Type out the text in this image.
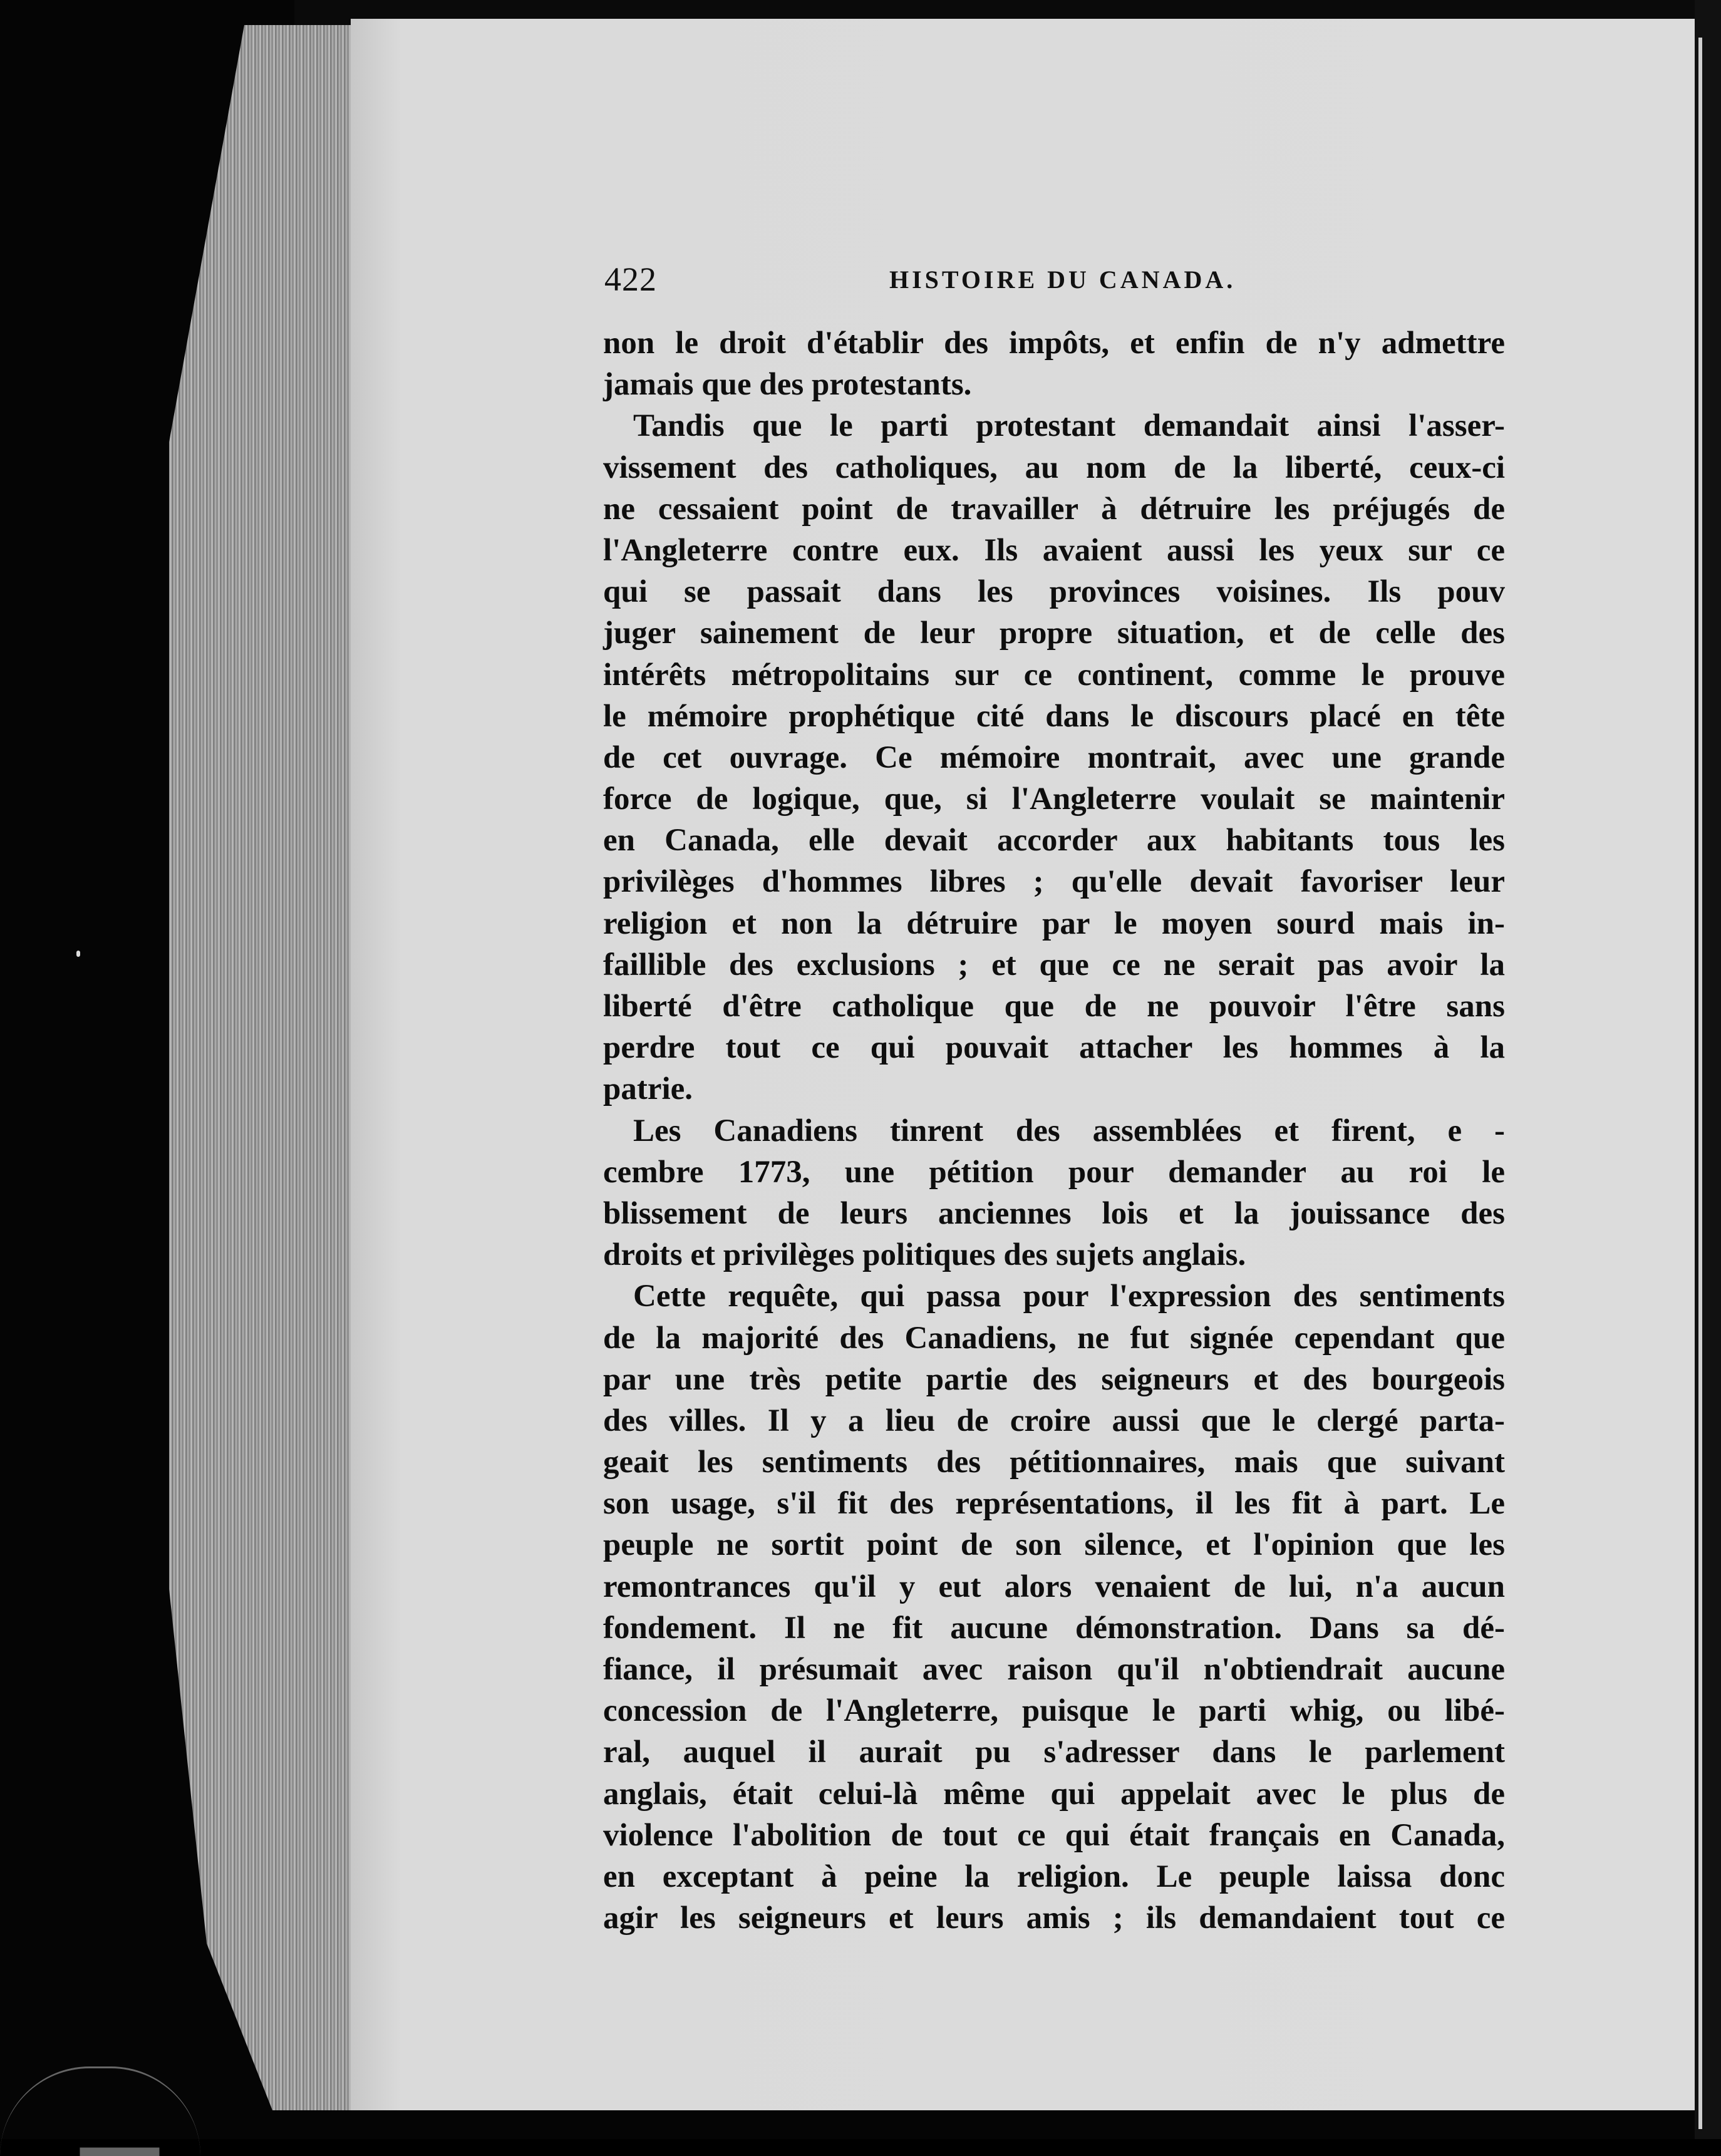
422	HISTOIRE DU CANADA.
non le droit d'établir des impôts, et enfin de n'y admettre
jamais que des protestants.
Tandis que le parti protestant demandait ainsi l'asser-
vissement des catholiques, au nom de la liberté, ceux-ci
ne cessaient point de travailler à détruire les préjugés de
l'Angleterre contre eux. Ils avaient aussi les yeux sur ce
qui se passait dans les provinces voisines. Ils pouv
juger sainement de leur propre situation, et de celle des
intérêts métropolitains sur ce continent, comme le prouve
le mémoire prophétique cité dans le discours placé en tête
de cet ouvrage. Ce mémoire montrait, avec une grande
force de logique, que, si l'Angleterre voulait se maintenir
en Canada, elle devait accorder aux habitants tous les
privilèges d'hommes libres ; qu'elle devait favoriser leur
religion et non la détruire par le moyen sourd mais in-
faillible des exclusions ; et que ce ne serait pas avoir la
liberté d'être catholique que de ne pouvoir l'être sans
perdre tout ce qui pouvait attacher les hommes à la
patrie.
Les Canadiens tinrent des assemblées et firent, e -
cembre 1773, une pétition pour demander au roi le
blissement de leurs anciennes lois et la jouissance des
droits et privilèges politiques des sujets anglais.
Cette requête, qui passa pour l'expression des sentiments
de la majorité des Canadiens, ne fut signée cependant que
par une très petite partie des seigneurs et des bourgeois
des villes. Il y a lieu de croire aussi que le clergé parta-
geait les sentiments des pétitionnaires, mais que suivant
son usage, s'il fit des représentations, il les fit à part. Le
peuple ne sortit point de son silence, et l'opinion que les
remontrances qu'il y eut alors venaient de lui, n'a aucun
fondement. Il ne fit aucune démonstration. Dans sa dé-
fiance, il présumait avec raison qu'il n'obtiendrait aucune
concession de l'Angleterre, puisque le parti whig, ou libé-
ral, auquel il aurait pu s'adresser dans le parlement
anglais, était celui-là même qui appelait avec le plus de
violence l'abolition de tout ce qui était français en Canada,
en exceptant à peine la religion. Le peuple laissa donc
agir les seigneurs et leurs amis ; ils demandaient tout ce
